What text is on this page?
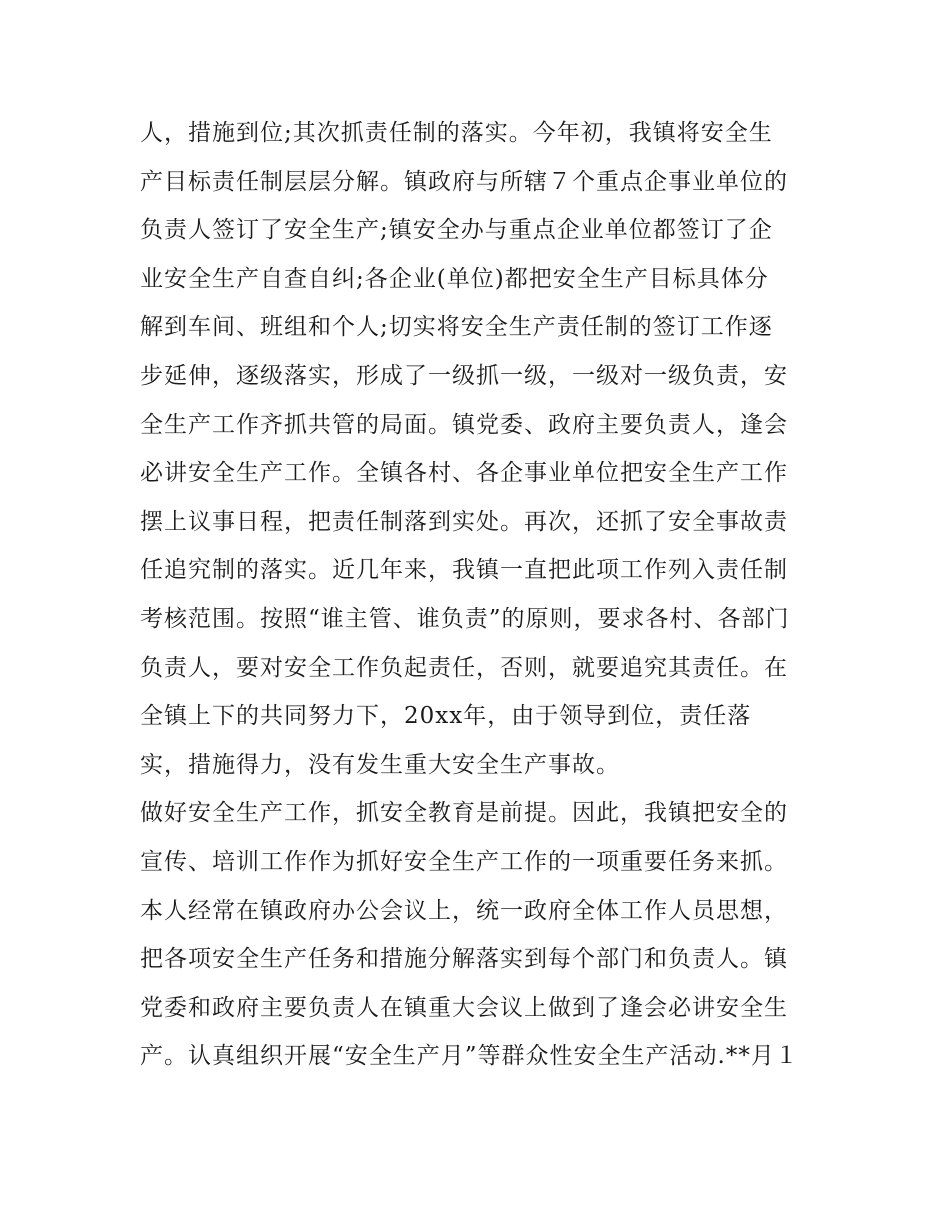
人，措施到位;其次抓责任制的落实。今年初，我镇将安全生
产目标责任制层层分解。镇政府与所辖７个重点企事业单位的
负责人签订了安全生产;镇安全办与重点企业单位都签订了企
业安全生产自查自纠;各企业(单位)都把安全生产目标具体分
解到车间、班组和个人;切实将安全生产责任制的签订工作逐
步延伸，逐级落实，形成了一级抓一级，一级对一级负责，安
全生产工作齐抓共管的局面。镇党委、政府主要负责人，逢会
必讲安全生产工作。全镇各村、各企事业单位把安全生产工作
摆上议事日程，把责任制落到实处。再次，还抓了安全事故责
任追究制的落实。近几年来，我镇一直把此项工作列入责任制
考核范围。按照“谁主管、谁负责”的原则，要求各村、各部门
负责人，要对安全工作负起责任，否则，就要追究其责任。在
全镇上下的共同努力下，20xx年，由于领导到位，责任落
实，措施得力，没有发生重大安全生产事故。
做好安全生产工作，抓安全教育是前提。因此，我镇把安全的
宣传、培训工作作为抓好安全生产工作的一项重要任务来抓。
本人经常在镇政府办公会议上，统一政府全体工作人员思想，
把各项安全生产任务和措施分解落实到每个部门和负责人。镇
党委和政府主要负责人在镇重大会议上做到了逢会必讲安全生
产。认真组织开展“安全生产月”等群众性安全生产活动.**月１
